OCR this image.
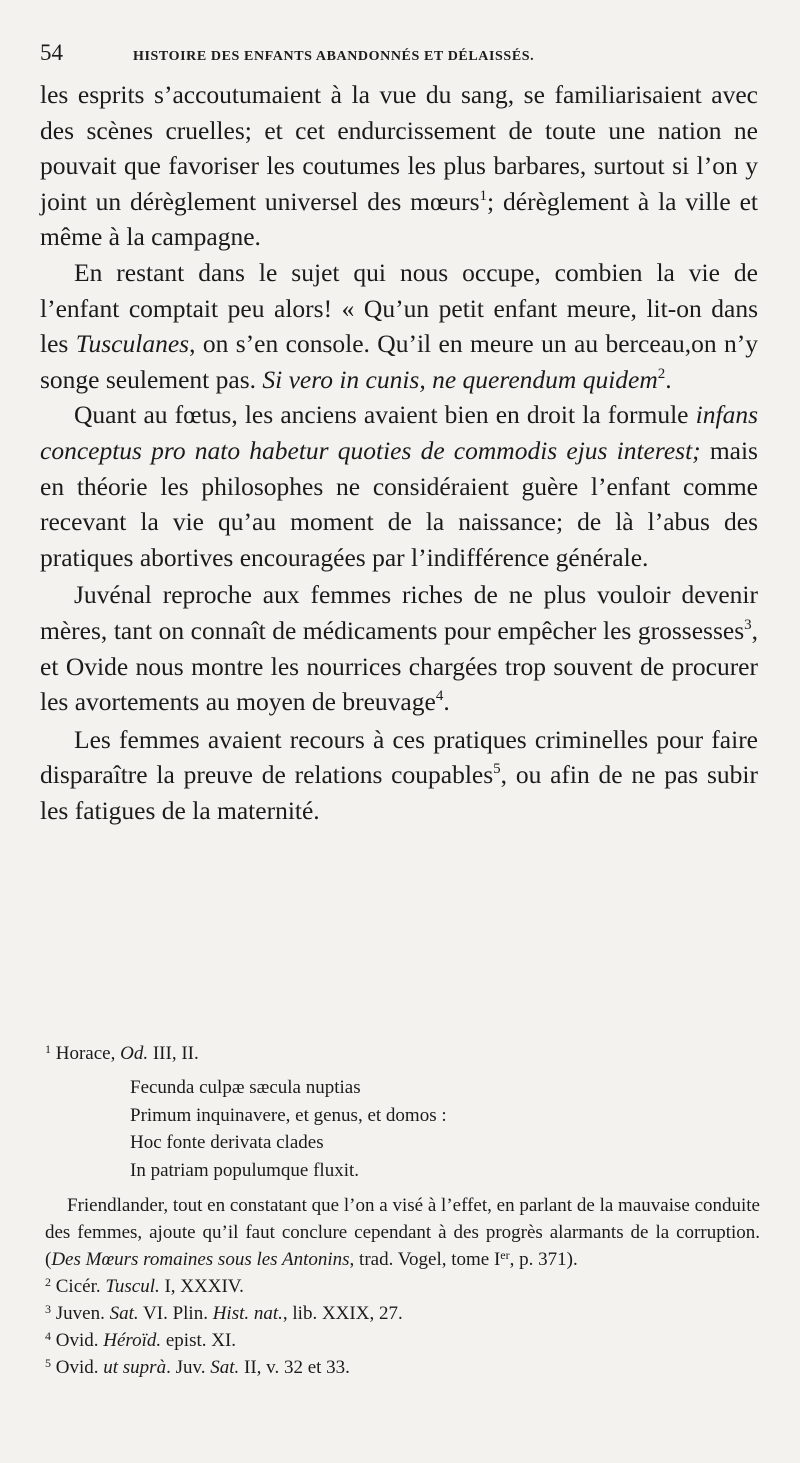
54	HISTOIRE DES ENFANTS ABANDONNÉS ET DÉLAISSÉS.

les esprits s’accoutumaient à la vue du sang, se familiarisaient avec des scènes cruelles; et cet endurcissement de toute une nation ne pouvait que favoriser les coutumes les plus barbares, surtout si l’on y joint un dérèglement universel des mœurs$^1$; dérèglement à la ville et même à la campagne.

En restant dans le sujet qui nous occupe, combien la vie de l’enfant comptait peu alors! « Qu’un petit enfant meure, lit-on dans les Tusculanes, on s’en console. Qu’il en meure un au berceau,on n’y songe seulement pas. Si vero in cunis, ne querendum quidem$^2$.

Quant au fœtus, les anciens avaient bien en droit la formule infans conceptus pro nato habetur quoties de commodis ejus interest; mais en théorie les philosophes ne considéraient guère l’enfant comme recevant la vie qu’au moment de la naissance; de là l’abus des pratiques abortives encouragées par l’indifférence générale.

Juvénal reproche aux femmes riches de ne plus vouloir devenir mères, tant on connaît de médicaments pour empêcher les grossesses$^3$, et Ovide nous montre les nourrices chargées trop souvent de procurer les avortements au moyen de breuvage$^4$.

Les femmes avaient recours à ces pratiques criminelles pour faire disparaître la preuve de relations coupables$^5$, ou afin de ne pas subir les fatigues de la maternité.

$^1$ Horace, Od. III, II.

Fecunda culpæ sæcula nuptias
Primum inquinavere, et genus, et domos :
Hoc fonte derivata clades
In patriam populumque fluxit.

Friendlander, tout en constatant que l’on a visé à l’effet, en parlant de la mauvaise conduite des femmes, ajoute qu’il faut conclure cependant à des progrès alarmants de la corruption. (Des Mœurs romaines sous les Antonins, trad. Vogel, tome Ier, p. 371).

$^2$ Cicér. Tuscul. I, XXXIV.

$^3$ Juven. Sat. VI. Plin. Hist. nat., lib. XXIX, 27.

$^4$ Ovid. Héroïd. epist. XI.

$^5$ Ovid. ut suprà. Juv. Sat. II, v. 32 et 33.
